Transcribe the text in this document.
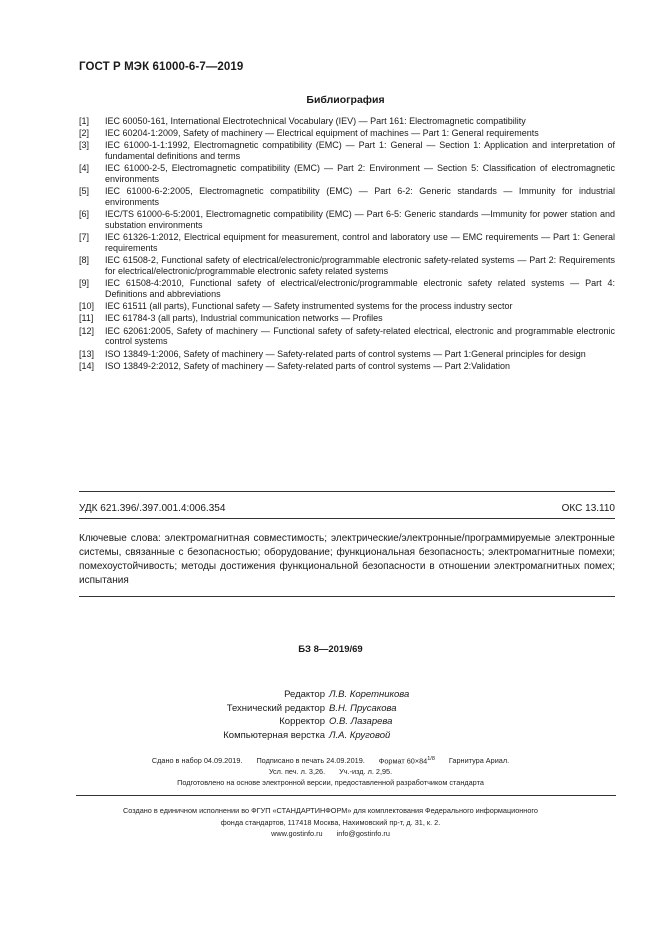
ГОСТ Р МЭК 61000-6-7—2019
Библиография
[1]	IEC 60050-161, International Electrotechnical Vocabulary (IEV) — Part 161: Electromagnetic compatibility
[2]	IEC 60204-1:2009, Safety of machinery — Electrical equipment of machines — Part 1: General requirements
[3]	IEC 61000-1-1:1992, Electromagnetic compatibility (EMC) — Part 1: General — Section 1: Application and interpretation of fundamental definitions and terms
[4]	IEC 61000-2-5, Electromagnetic compatibility (EMC) — Part 2: Environment — Section 5: Classification of electromagnetic environments
[5]	IEC 61000-6-2:2005, Electromagnetic compatibility (EMC) — Part 6-2: Generic standards — Immunity for industrial environments
[6]	IEC/TS 61000-6-5:2001, Electromagnetic compatibility (EMC) — Part 6-5: Generic standards —Immunity for power station and substation environments
[7]	IEC 61326-1:2012, Electrical equipment for measurement, control and laboratory use — EMC requirements — Part 1: General requirements
[8]	IEC 61508-2, Functional safety of electrical/electronic/programmable electronic safety-related systems — Part 2: Requirements for electrical/electronic/programmable electronic safety related systems
[9]	IEC 61508-4:2010, Functional safety of electrical/electronic/programmable electronic safety related systems — Part 4: Definitions and abbreviations
[10]	IEC 61511 (all parts), Functional safety — Safety instrumented systems for the process industry sector
[11]	IEC 61784-3 (all parts), Industrial communication networks — Profiles
[12]	IEC 62061:2005, Safety of machinery — Functional safety of safety-related electrical, electronic and programmable electronic control systems
[13]	ISO 13849-1:2006, Safety of machinery — Safety-related parts of control systems — Part 1:General principles for design
[14]	ISO 13849-2:2012, Safety of machinery — Safety-related parts of control systems — Part 2:Validation
УДК 621.396/.397.001.4:006.354	ОКС 13.110

Ключевые слова: электромагнитная совместимость; электрические/электронные/программируемые электронные системы, связанные с безопасностью; оборудование; функциональная безопасность; электромагнитные помехи; помехоустойчивость; методы достижения функциональной безопасности в отношении электромагнитных помех; испытания

БЗ 8—2019/69
Редактор Л.В. Коретникова
Технический редактор В.Н. Прусакова
Корректор О.В. Лазарева
Компьютерная верстка Л.А. Круговой
Сдано в набор 04.09.2019. Подписано в печать 24.09.2019. Формат $60\times 84^{1/8}$ Гарнитура Ариал.
Усл. печ. л. 3,26. Уч.-изд. л. 2,95.
Подготовлено на основе электронной версии, предоставленной разработчиком стандарта
Создано в единичном исполнении во ФГУП «СТАНДАРТИНФОРМ» для комплектования Федерального информационного
фонда стандартов, 117418 Москва, Нахимовский пр-т, д. 31, к. 2.
www.gostinfo.ru info@gostinfo.ru
